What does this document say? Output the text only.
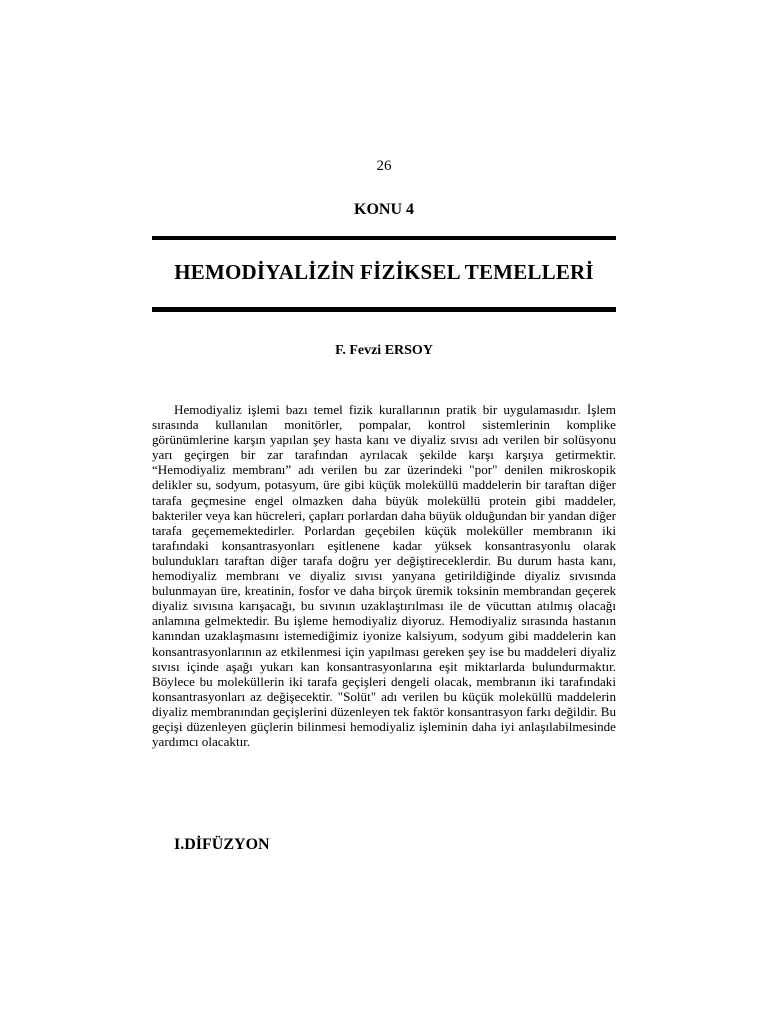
26
KONU 4
HEMODİYALİZİN FİZİKSEL TEMELLERİ
F. Fevzi ERSOY

Hemodiyaliz işlemi bazı temel fizik kurallarının pratik bir uygulamasıdır. İşlem sırasında kullanılan monitörler, pompalar, kontrol sistemlerinin komplike görünümlerine karşın yapılan şey hasta kanı ve diyaliz sıvısı adı verilen bir solüsyonu yarı geçirgen bir zar tarafından ayrılacak şekilde karşı karşıya getirmektir. “Hemodiyaliz membranı” adı verilen bu zar üzerindeki "por" denilen mikroskopik delikler su, sodyum, potasyum, üre gibi küçük moleküllü maddelerin bir taraftan diğer tarafa geçmesine engel olmazken daha büyük moleküllü protein gibi maddeler, bakteriler veya kan hücreleri, çapları porlardan daha büyük olduğundan bir yandan diğer tarafa geçememektedirler. Porlardan geçebilen küçük moleküller membranın iki tarafındaki konsantrasyonları eşitlenene kadar yüksek konsantrasyonlu olarak bulundukları taraftan diğer tarafa doğru yer değiştireceklerdir. Bu durum hasta kanı, hemodiyaliz membranı ve diyaliz sıvısı yanyana getirildiğinde diyaliz sıvısında bulunmayan üre, kreatinin, fosfor ve daha birçok üremik toksinin membrandan geçerek diyaliz sıvısına karışacağı, bu sıvının uzaklaştırılması ile de vücuttan atılmış olacağı anlamına gelmektedir. Bu işleme hemodiyaliz diyoruz. Hemodiyaliz sırasında hastanın kanından uzaklaşmasını istemediğimiz iyonize kalsiyum, sodyum gibi maddelerin kan konsantrasyonlarının az etkilenmesi için yapılması gereken şey ise bu maddeleri diyaliz sıvısı içinde aşağı yukarı kan konsantrasyonlarına eşit miktarlarda bulundurmaktır. Böylece bu moleküllerin iki tarafa geçişleri dengeli olacak, membranın iki tarafındaki konsantrasyonları az değişecektir. "Solüt" adı verilen bu küçük moleküllü maddelerin diyaliz membranından geçişlerini düzenleyen tek faktör konsantrasyon farkı değildir. Bu geçişi düzenleyen güçlerin bilinmesi hemodiyaliz işleminin daha iyi anlaşılabilmesinde yardımcı olacaktır.

I.DİFÜZYON
